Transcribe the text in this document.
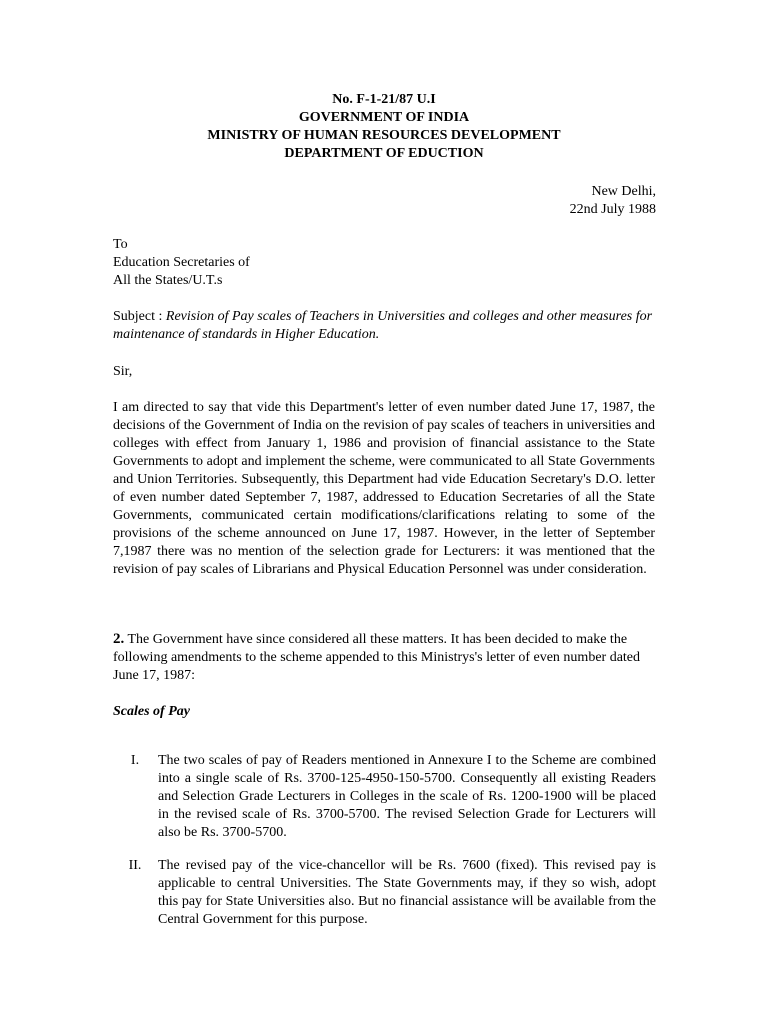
No. F-1-21/87 U.I
GOVERNMENT OF INDIA
MINISTRY OF HUMAN RESOURCES DEVELOPMENT
DEPARTMENT OF EDUCTION
New Delhi,
22nd July 1988
To
Education Secretaries of
All the States/U.T.s
Subject : Revision of Pay scales of Teachers in Universities and colleges and other measures for maintenance of standards in Higher Education.
Sir,
I am directed to say that vide this Department's letter of even number dated June 17, 1987, the decisions of the Government of India on the revision of pay scales of teachers in universities and colleges with effect from January 1, 1986 and provision of financial assistance to the State Governments to adopt and implement the scheme, were communicated to all State Governments and Union Territories. Subsequently, this Department had vide Education Secretary's D.O. letter of even number dated September 7, 1987, addressed to Education Secretaries of all the State Governments, communicated certain modifications/clarifications relating to some of the provisions of the scheme announced on June 17, 1987. However, in the letter of September 7,1987 there was no mention of the selection grade for Lecturers: it was mentioned that the revision of pay scales of Librarians and Physical Education Personnel was under consideration.
2. The Government have since considered all these matters. It has been decided to make the following amendments to the scheme appended to this Ministrys's letter of even number dated June 17, 1987:
Scales of Pay
I.	The two scales of pay of Readers mentioned in Annexure I to the Scheme are combined into a single scale of Rs. 3700-125-4950-150-5700. Consequently all existing Readers and Selection Grade Lecturers in Colleges in the scale of Rs. 1200-1900 will be placed in the revised scale of Rs. 3700-5700. The revised Selection Grade for Lecturers will also be Rs. 3700-5700.
II.	The revised pay of the vice-chancellor will be Rs. 7600 (fixed). This revised pay is applicable to central Universities. The State Governments may, if they so wish, adopt this pay for State Universities also. But no financial assistance will be available from the Central Government for this purpose.
